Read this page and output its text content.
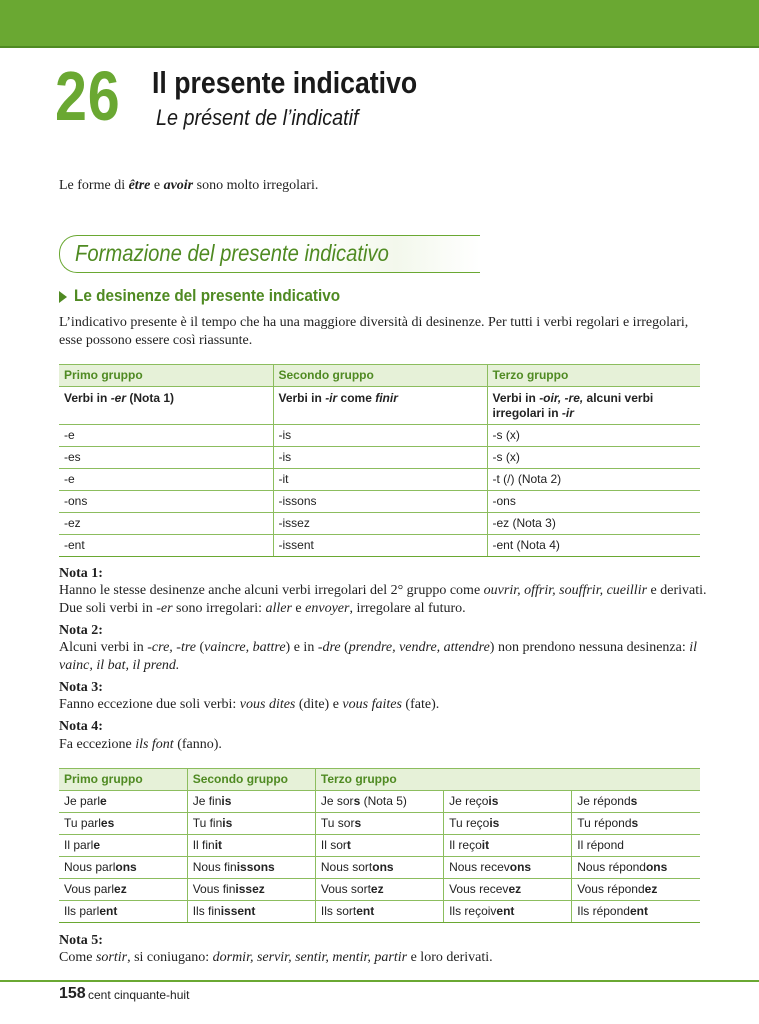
26 Il presente indicativo
Le présent de l’indicatif
Le forme di être e avoir sono molto irregolari.
Formazione del presente indicativo
Le desinenze del presente indicativo
L’indicativo presente è il tempo che ha una maggiore diversità di desinenze. Per tutti i verbi regolari e irregolari, esse possono essere così riassunte.
Primo gruppo	Secondo gruppo	Terzo gruppo
Verbi in -er (Nota 1)	Verbi in -ir come finir	Verbi in -oir, -re, alcuni verbi irregolari in -ir
-e	-is	-s (x)
-es	-is	-s (x)
-e	-it	-t (/) (Nota 2)
-ons	-issons	-ons
-ez	-issez	-ez (Nota 3)
-ent	-issent	-ent (Nota 4)
Nota 1:
Hanno le stesse desinenze anche alcuni verbi irregolari del 2° gruppo come ouvrir, offrir, souffrir, cueillir e derivati. Due soli verbi in -er sono irregolari: aller e envoyer, irregolare al futuro.
Nota 2:
Alcuni verbi in -cre, -tre (vaincre, battre) e in -dre (prendre, vendre, attendre) non prendono nessuna desinenza: il vainc, il bat, il prend.
Nota 3:
Fanno eccezione due soli verbi: vous dites (dite) e vous faites (fate).
Nota 4:
Fa eccezione ils font (fanno).
Primo gruppo	Secondo gruppo	Terzo gruppo		
Je parle	Je finis	Je sors (Nota 5)	Je reçois	Je réponds
Tu parles	Tu finis	Tu sors	Tu reçois	Tu réponds
Il parle	Il finit	Il sort	Il reçoit	Il répond
Nous parlons	Nous finissons	Nous sortons	Nous recevons	Nous répondons
Vous parlez	Vous finissez	Vous sortez	Vous recevez	Vous répondez
Ils parlent	Ils finissent	Ils sortent	Ils reçoivent	Ils répondent
Nota 5:
Come sortir, si coniugano: dormir, servir, sentir, mentir, partir e loro derivati.
158 cent cinquante-huit
